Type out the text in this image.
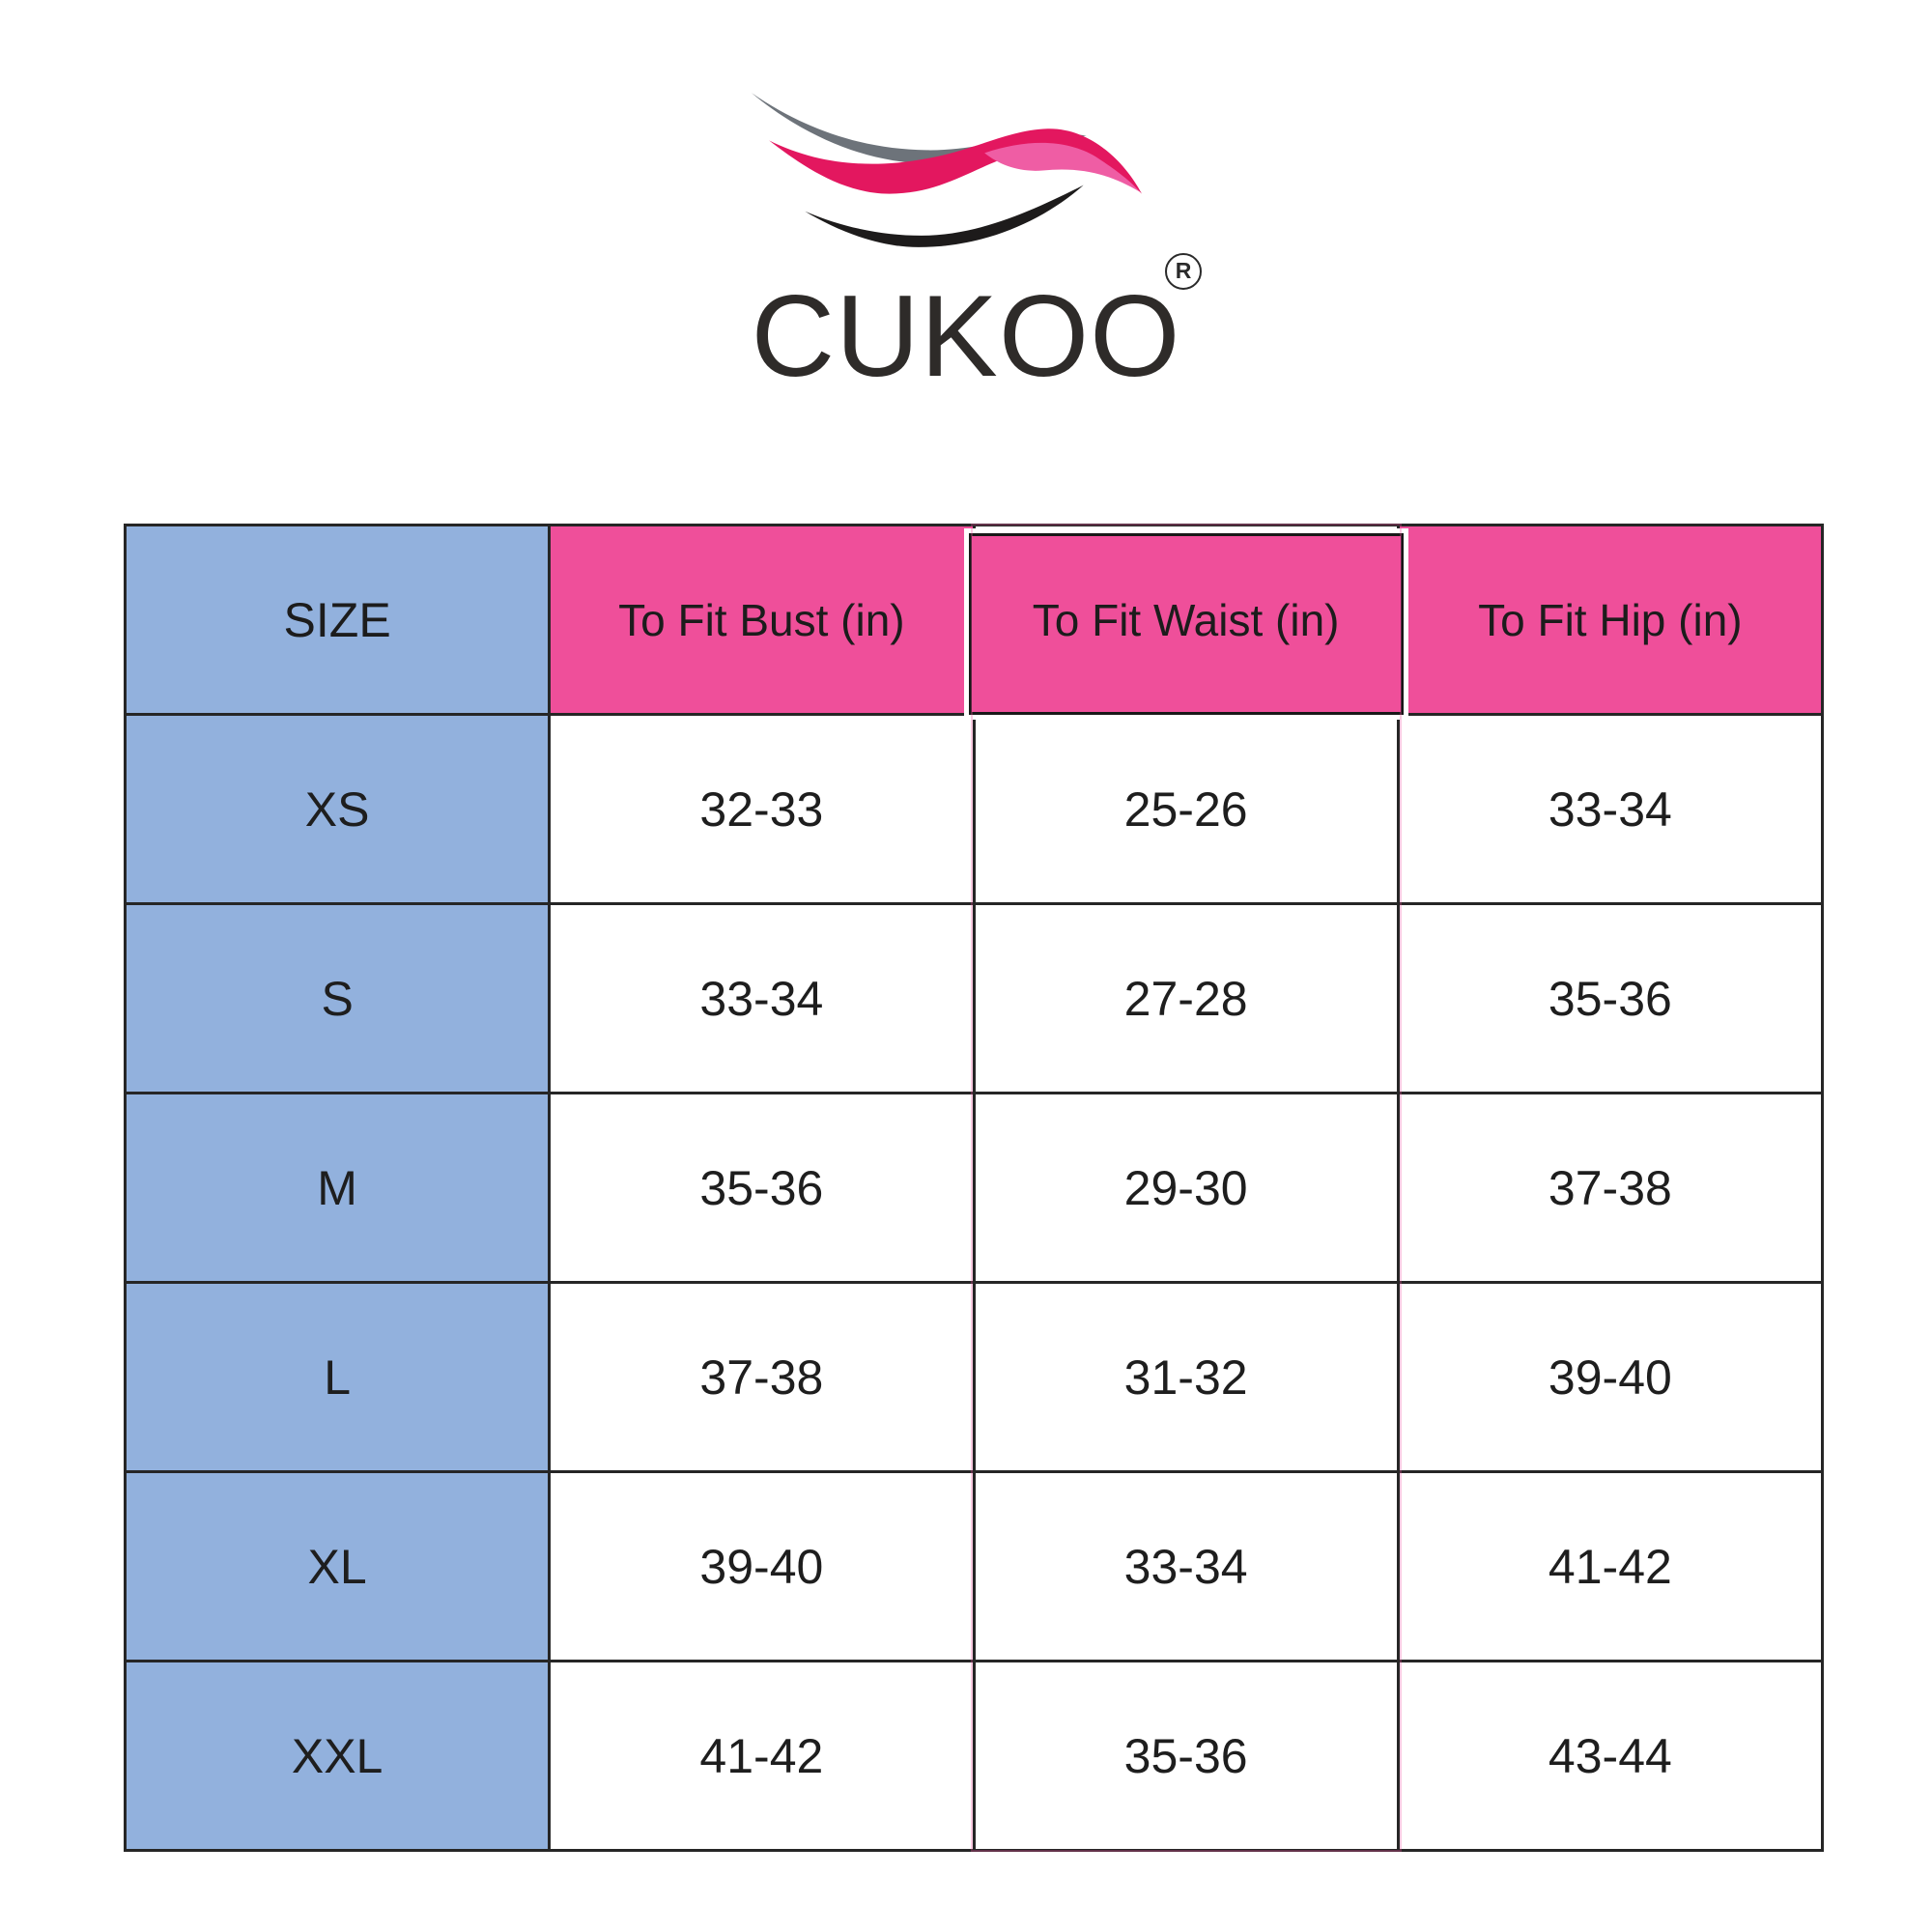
CUKOO
R
SIZE	To Fit Bust (in)	To Fit Waist (in)	To Fit Hip (in)
XS	32-33	25-26	33-34
S	33-34	27-28	35-36
M	35-36	29-30	37-38
L	37-38	31-32	39-40
XL	39-40	33-34	41-42
XXL	41-42	35-36	43-44
